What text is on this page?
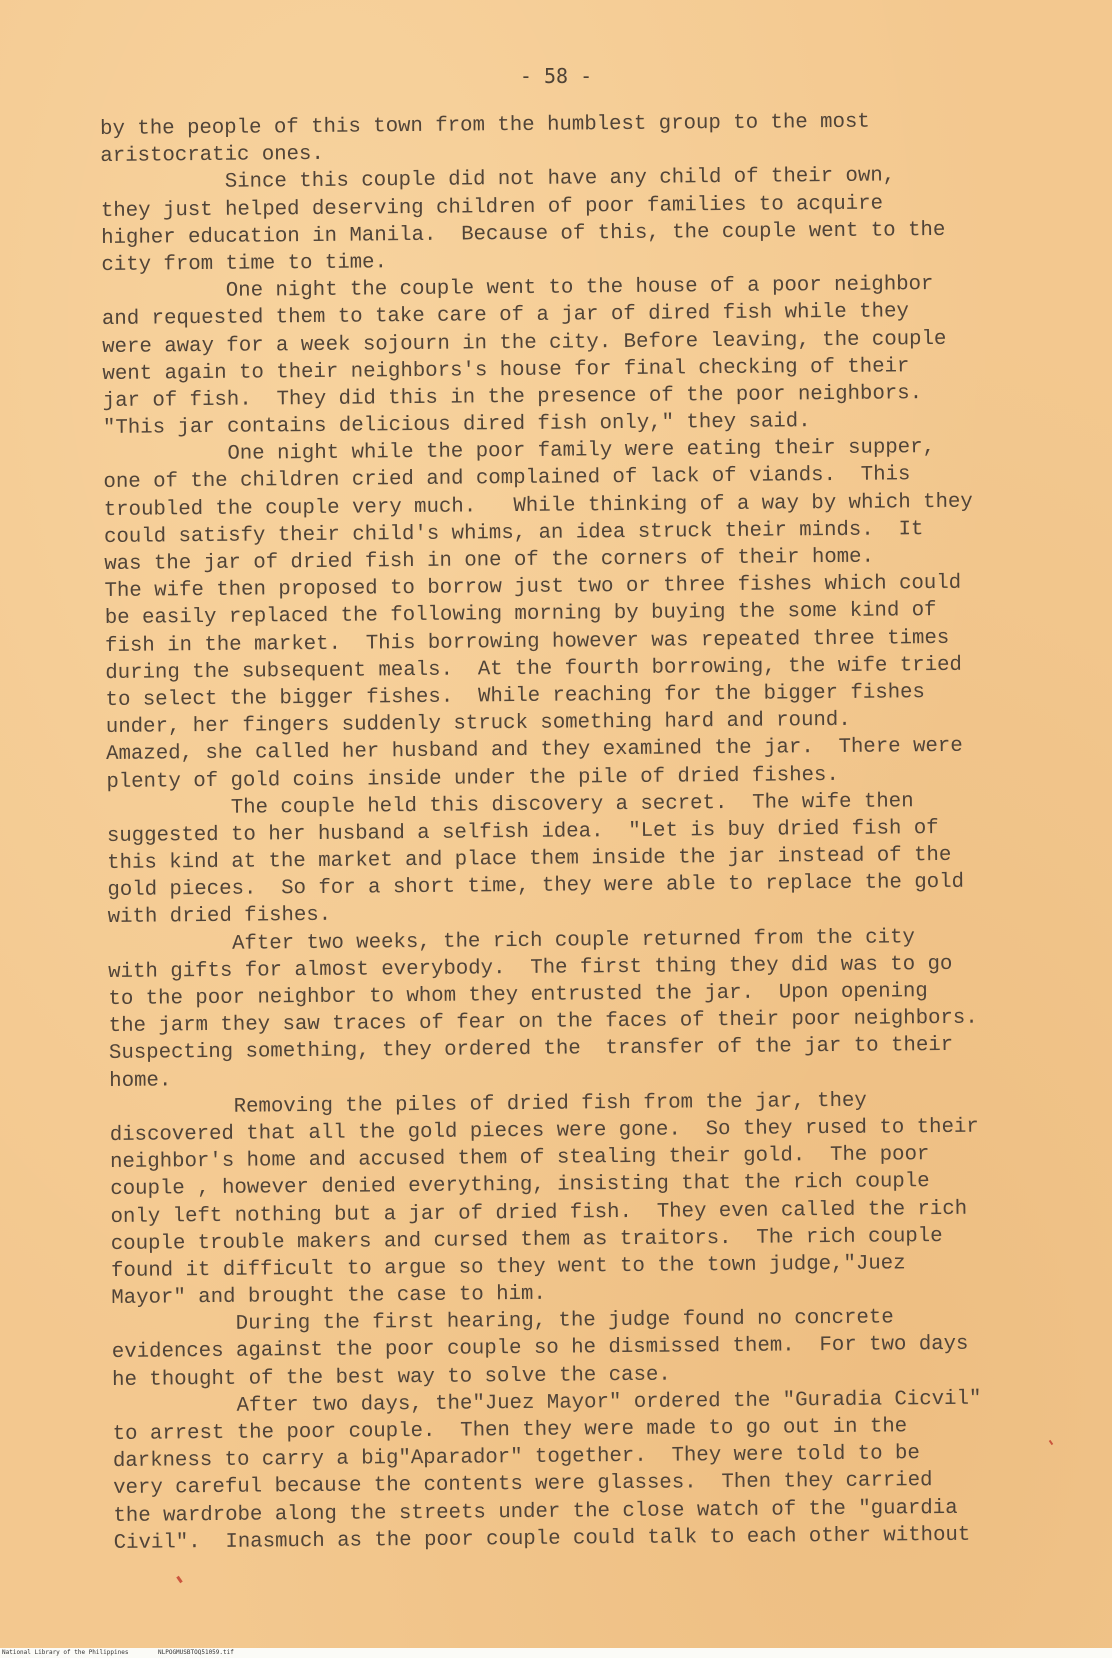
- 58 -
by the people of this town from the humblest group to the most
aristocratic ones.
Since this couple did not have any child of their own,
they just helped deserving children of poor families to acquire
higher education in Manila.  Because of this, the couple went to the
city from time to time.
One night the couple went to the house of a poor neighbor
and requested them to take care of a jar of dired fish while they
were away for a week sojourn in the city. Before leaving, the couple
went again to their neighbors's house for final checking of their
jar of fish.  They did this in the presence of the poor neighbors.
"This jar contains delicious dired fish only," they said.
One night while the poor family were eating their supper,
one of the children cried and complained of lack of viands.  This
troubled the couple very much.   While thinking of a way by which they
could satisfy their child's whims, an idea struck their minds.  It
was the jar of dried fish in one of the corners of their home.
The wife then proposed to borrow just two or three fishes which could
be easily replaced the following morning by buying the some kind of
fish in the market.  This borrowing however was repeated three times
during the subsequent meals.  At the fourth borrowing, the wife tried
to select the bigger fishes.  While reaching for the bigger fishes
under, her fingers suddenly struck something hard and round.
Amazed, she called her husband and they examined the jar.  There were
plenty of gold coins inside under the pile of dried fishes.
The couple held this discovery a secret.  The wife then
suggested to her husband a selfish idea.  "Let is buy dried fish of
this kind at the market and place them inside the jar instead of the
gold pieces.  So for a short time, they were able to replace the gold
with dried fishes.
After two weeks, the rich couple returned from the city
with gifts for almost everybody.  The first thing they did was to go
to the poor neighbor to whom they entrusted the jar.  Upon opening
the jarm they saw traces of fear on the faces of their poor neighbors.
Suspecting something, they ordered the  transfer of the jar to their
home.
Removing the piles of dried fish from the jar, they
discovered that all the gold pieces were gone.  So they rused to their
neighbor's home and accused them of stealing their gold.  The poor
couple , however denied everything, insisting that the rich couple
only left nothing but a jar of dried fish.  They even called the rich
couple trouble makers and cursed them as traitors.  The rich couple
found it difficult to argue so they went to the town judge,"Juez
Mayor" and brought the case to him.
During the first hearing, the judge found no concrete
evidences against the poor couple so he dismissed them.  For two days
he thought of the best way to solve the case.
After two days, the"Juez Mayor" ordered the "Guradia Cicvil"
to arrest the poor couple.  Then they were made to go out in the
darkness to carry a big"Aparador" together.  They were told to be
very careful because the contents were glasses.  Then they carried
the wardrobe along the streets under the close watch of the "guardia
Civil".  Inasmuch as the poor couple could talk to each other without
National Library of the Philippines	NLPOGMUSBTOQ51059.tif
